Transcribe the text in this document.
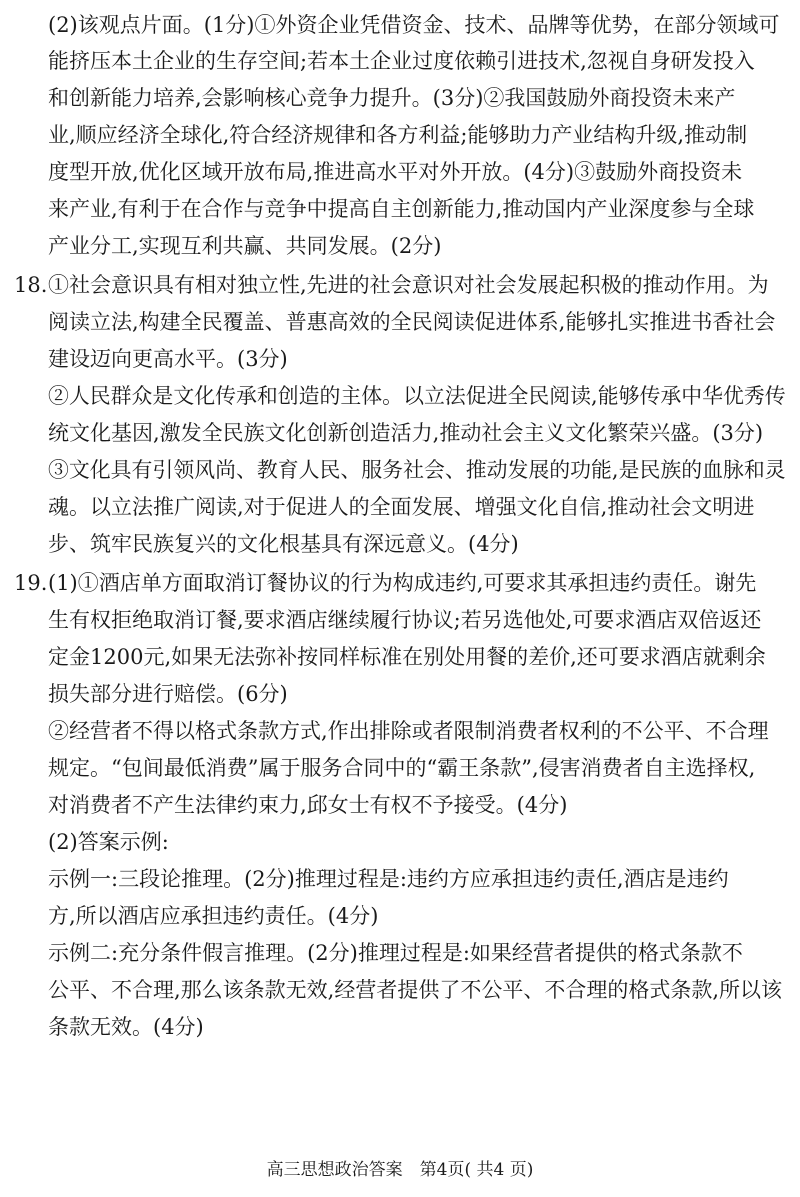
(2)该观点片面。(1分)①外资企业凭借资金、技术、品牌等优势，在部分领域可
能挤压本土企业的生存空间;若本土企业过度依赖引进技术,忽视自身研发投入
和创新能力培养,会影响核心竞争力提升。(3分)②我国鼓励外商投资未来产
业,顺应经济全球化,符合经济规律和各方利益;能够助力产业结构升级,推动制
度型开放,优化区域开放布局,推进高水平对外开放。(4分)③鼓励外商投资未
来产业,有利于在合作与竞争中提高自主创新能力,推动国内产业深度参与全球
产业分工,实现互利共赢、共同发展。(2分)
18. ①社会意识具有相对独立性,先进的社会意识对社会发展起积极的推动作用。为
阅读立法,构建全民覆盖、普惠高效的全民阅读促进体系,能够扎实推进书香社会
建设迈向更高水平。(3分)
②人民群众是文化传承和创造的主体。以立法促进全民阅读,能够传承中华优秀传
统文化基因,激发全民族文化创新创造活力,推动社会主义文化繁荣兴盛。(3分)
③文化具有引领风尚、教育人民、服务社会、推动发展的功能,是民族的血脉和灵
魂。以立法推广阅读,对于促进人的全面发展、增强文化自信,推动社会文明进
步、筑牢民族复兴的文化根基具有深远意义。(4分)
19. (1)①酒店单方面取消订餐协议的行为构成违约,可要求其承担违约责任。谢先
生有权拒绝取消订餐,要求酒店继续履行协议;若另选他处,可要求酒店双倍返还
定金1200元,如果无法弥补按同样标准在别处用餐的差价,还可要求酒店就剩余
损失部分进行赔偿。(6分)
②经营者不得以格式条款方式,作出排除或者限制消费者权利的不公平、不合理
规定。“包间最低消费”属于服务合同中的“霸王条款”,侵害消费者自主选择权,
对消费者不产生法律约束力,邱女士有权不予接受。(4分)
(2)答案示例:
示例一:三段论推理。(2分)推理过程是:违约方应承担违约责任,酒店是违约
方,所以酒店应承担违约责任。(4分)
示例二:充分条件假言推理。(2分)推理过程是:如果经营者提供的格式条款不
公平、不合理,那么该条款无效,经营者提供了不公平、不合理的格式条款,所以该
条款无效。(4分)
高三思想政治答案　第4页( 共4 页)
